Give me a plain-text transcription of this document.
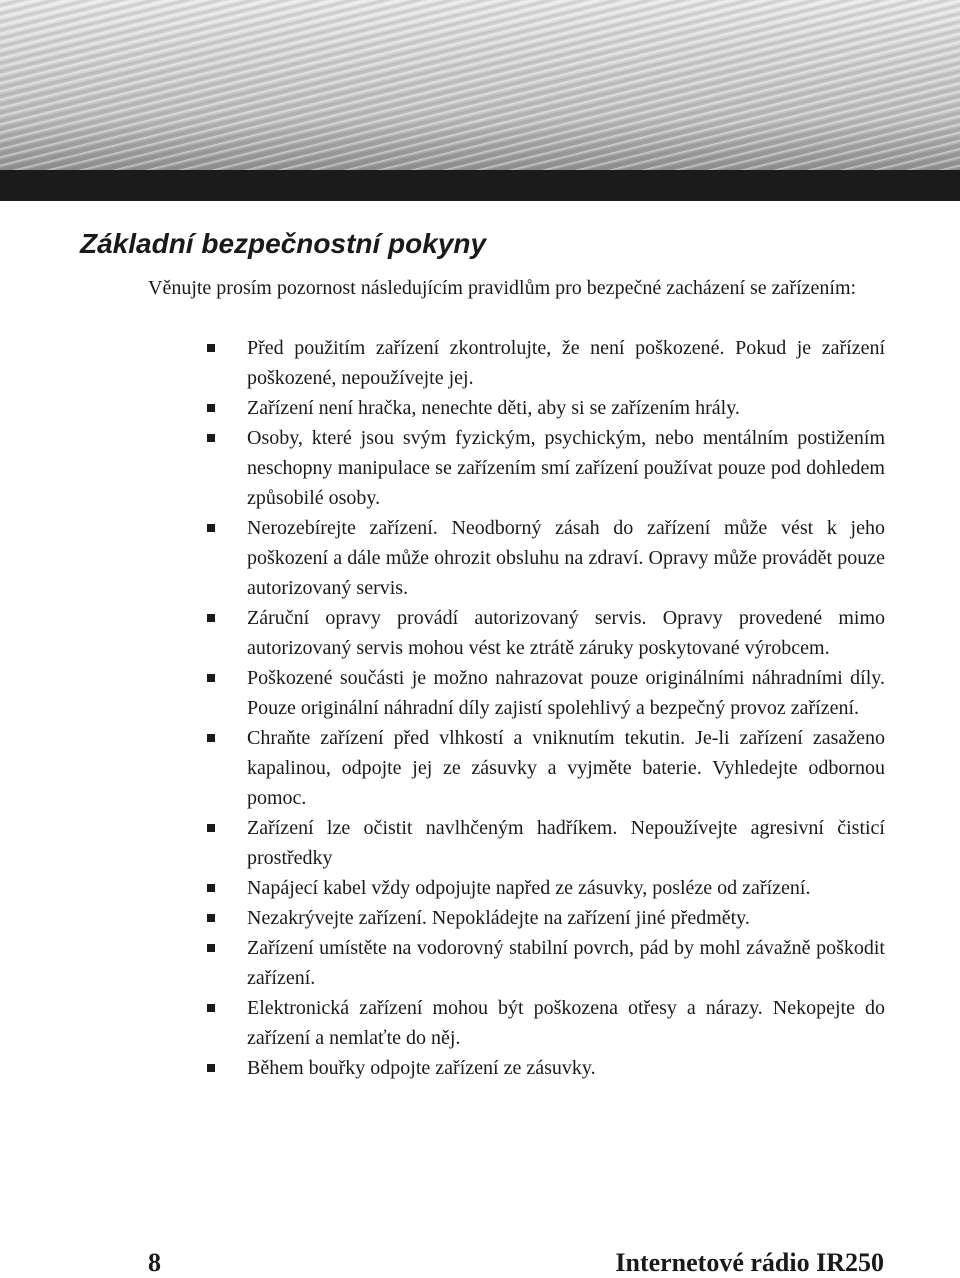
Základní bezpečnostní pokyny

Věnujte prosím pozornost následujícím pravidlům pro bezpečné zacházení se zařízením:

Před použitím zařízení zkontrolujte, že není poškozené. Pokud je zařízení poškozené, nepoužívejte jej.
Zařízení není hračka, nenechte děti, aby si se zařízením hrály.
Osoby, které jsou svým fyzickým, psychickým, nebo mentálním postižením neschopny manipulace se zařízením smí zařízení používat pouze pod dohledem způsobilé osoby.
Nerozebírejte zařízení. Neodborný zásah do zařízení může vést k jeho poškození a dále může ohrozit obsluhu na zdraví. Opravy může provádět pouze autorizovaný servis.
Záruční opravy provádí autorizovaný servis. Opravy provedené mimo autorizovaný servis mohou vést ke ztrátě záruky poskytované výrobcem.
Poškozené součásti je možno nahrazovat pouze originálními náhradními díly. Pouze originální náhradní díly zajistí spolehlivý a bezpečný provoz zařízení.
Chraňte zařízení před vlhkostí a vniknutím tekutin. Je-li zařízení zasaženo kapalinou, odpojte jej ze zásuvky a vyjměte baterie. Vyhledejte odbornou pomoc.
Zařízení lze očistit navlhčeným hadříkem. Nepoužívejte agresivní čisticí prostředky
Napájecí kabel vždy odpojujte napřed ze zásuvky, posléze od zařízení.
Nezakrývejte zařízení. Nepokládejte na zařízení jiné předměty.
Zařízení umístěte na vodorovný stabilní povrch, pád by mohl závažně poškodit zařízení.
Elektronická zařízení mohou být poškozena otřesy a nárazy. Nekopejte do zařízení a nemlaťte do něj.
Během bouřky odpojte zařízení ze zásuvky.

8	Internetové rádio IR250
